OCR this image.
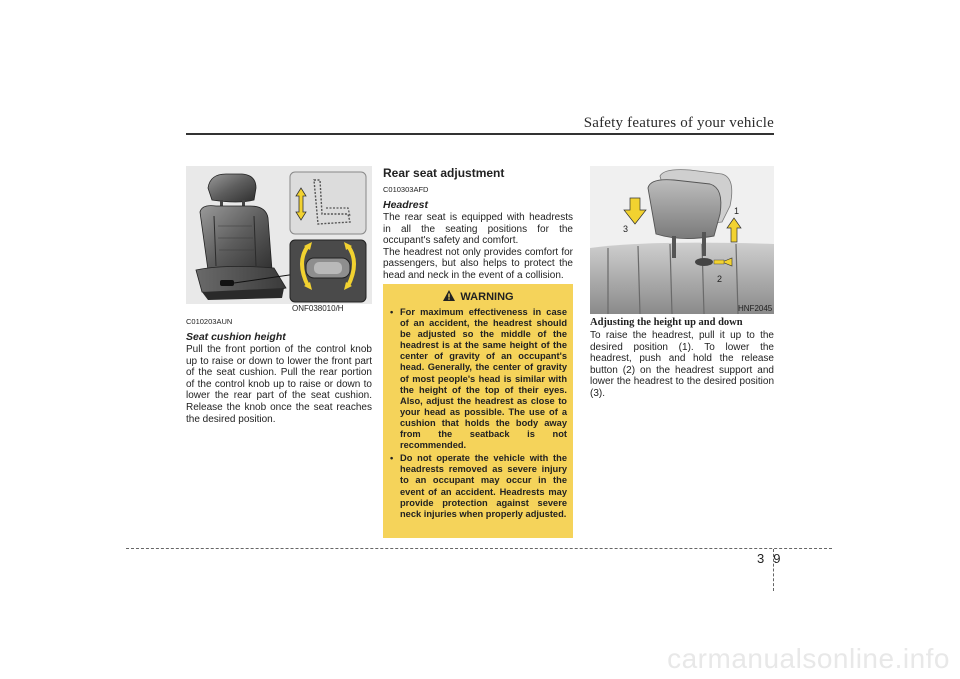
Safety features of your vehicle
ONF038010/H
C010203AUN
Seat cushion height

Pull the front portion of the control knob up to raise or down to lower the front part of the seat cushion. Pull the rear portion of the control knob up to raise or down to lower the rear part of the seat cushion. Release the knob once the seat reaches the desired position.

Rear seat adjustment
C010303AFD
Headrest

The rear seat is equipped with headrests in all the seating positions for the occupant's safety and comfort.

The headrest not only provides comfort for passengers, but also helps to protect the head and neck in the event of a collision.

WARNING
• For maximum effectiveness in case of an accident, the headrest should be adjusted so the middle of the headrest is at the same height of the center of gravity of an occupant's head. Generally, the center of gravity of most people's head is similar with the height of the top of their eyes. Also, adjust the headrest as close to your head as possible. The use of a cushion that holds the body away from the seatback is not recommended.
• Do not operate the vehicle with the headrests removed as severe injury to an occupant may occur in the event of an accident. Headrests may provide protection against severe neck injuries when properly adjusted.
1
2
3
HNF2045

Adjusting the height up and down

To raise the headrest, pull it up to the desired position (1). To lower the headrest, push and hold the release button (2) on the headrest support and lower the headrest to the desired position (3).

3 9
carmanualsonline.info
